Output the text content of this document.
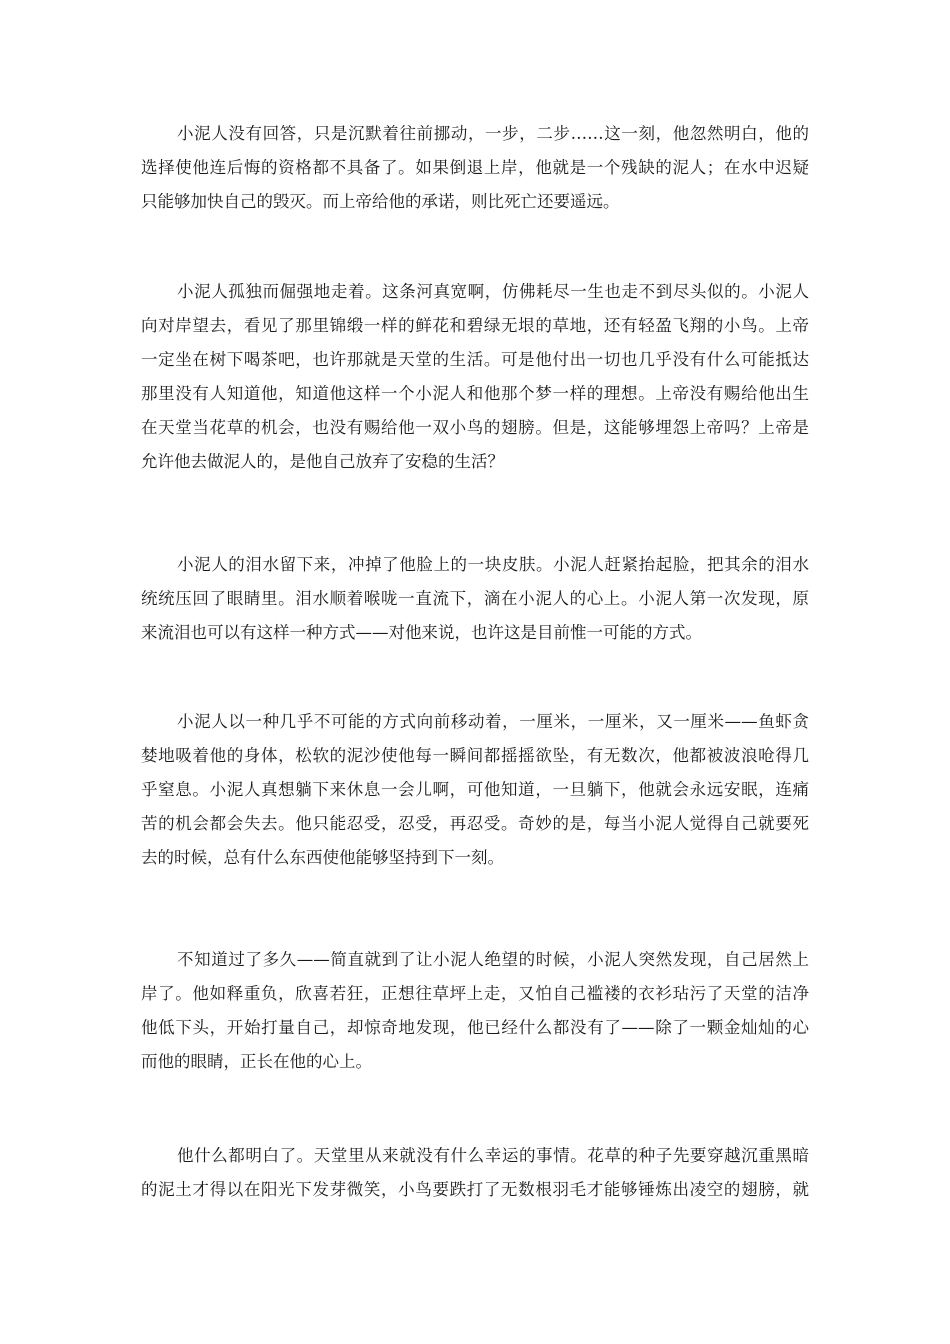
小泥人没有回答，只是沉默着往前挪动，一步，二步……这一刻，他忽然明白，他的
选择使他连后悔的资格都不具备了。如果倒退上岸，他就是一个残缺的泥人；在水中迟疑
只能够加快自己的毁灭。而上帝给他的承诺，则比死亡还要遥远。
小泥人孤独而倔强地走着。这条河真宽啊，仿佛耗尽一生也走不到尽头似的。小泥人
向对岸望去，看见了那里锦缎一样的鲜花和碧绿无垠的草地，还有轻盈飞翔的小鸟。上帝
一定坐在树下喝茶吧，也许那就是天堂的生活。可是他付出一切也几乎没有什么可能抵达
那里没有人知道他，知道他这样一个小泥人和他那个梦一样的理想。上帝没有赐给他出生
在天堂当花草的机会，也没有赐给他一双小鸟的翅膀。但是，这能够埋怨上帝吗？上帝是
允许他去做泥人的，是他自己放弃了安稳的生活？
小泥人的泪水留下来，冲掉了他脸上的一块皮肤。小泥人赶紧抬起脸，把其余的泪水
统统压回了眼睛里。泪水顺着喉咙一直流下，滴在小泥人的心上。小泥人第一次发现，原
来流泪也可以有这样一种方式——对他来说，也许这是目前惟一可能的方式。
小泥人以一种几乎不可能的方式向前移动着，一厘米，一厘米，又一厘米——鱼虾贪
婪地吸着他的身体，松软的泥沙使他每一瞬间都摇摇欲坠，有无数次，他都被波浪呛得几
乎窒息。小泥人真想躺下来休息一会儿啊，可他知道，一旦躺下，他就会永远安眠，连痛
苦的机会都会失去。他只能忍受，忍受，再忍受。奇妙的是，每当小泥人觉得自己就要死
去的时候，总有什么东西使他能够坚持到下一刻。
不知道过了多久——简直就到了让小泥人绝望的时候，小泥人突然发现，自己居然上
岸了。他如释重负，欣喜若狂，正想往草坪上走，又怕自己褴褛的衣衫玷污了天堂的洁净
他低下头，开始打量自己，却惊奇地发现，他已经什么都没有了——除了一颗金灿灿的心
而他的眼睛，正长在他的心上。
他什么都明白了。天堂里从来就没有什么幸运的事情。花草的种子先要穿越沉重黑暗
的泥土才得以在阳光下发芽微笑，小鸟要跌打了无数根羽毛才能够锤炼出凌空的翅膀，就
